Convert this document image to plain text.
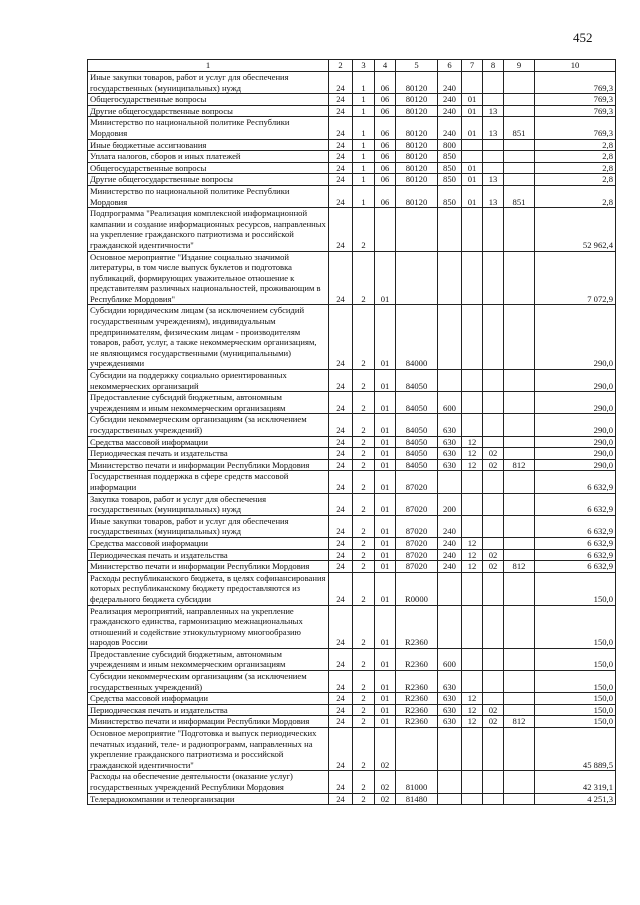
452
1	2	3	4	5	6	7	8	9	10
Иные закупки товаров, работ и услуг для обеспечения государственных (муниципальных) нужд	24	1	06	80120	240				769,3
Общегосударственные вопросы	24	1	06	80120	240	01			769,3
Другие общегосударственные вопросы	24	1	06	80120	240	01	13		769,3
Министерство по национальной политике Республики Мордовия	24	1	06	80120	240	01	13	851	769,3
Иные бюджетные ассигнования	24	1	06	80120	800				2,8
Уплата налогов, сборов и иных платежей	24	1	06	80120	850				2,8
Общегосударственные вопросы	24	1	06	80120	850	01			2,8
Другие общегосударственные вопросы	24	1	06	80120	850	01	13		2,8
Министерство по национальной политике Республики Мордовия	24	1	06	80120	850	01	13	851	2,8
Подпрограмма "Реализация комплексной информационной кампании и создание информационных ресурсов, направленных на укрепление гражданского патриотизма и российской гражданской идентичности"	24	2							52 962,4
Основное мероприятие "Издание социально значимой литературы, в том числе выпуск буклетов и подготовка публикаций, формирующих уважительное отношение к представителям различных национальностей, проживающим в Республике Мордовия"	24	2	01						7 072,9
Субсидии юридическим лицам (за исключением субсидий государственным учреждениям), индивидуальным предпринимателям, физическим лицам - производителям товаров, работ, услуг, а также некоммерческим организациям, не являющимся государственными (муниципальными) учреждениями	24	2	01	84000					290,0
Субсидии на поддержку социально ориентированных некоммерческих организаций	24	2	01	84050					290,0
Предоставление субсидий бюджетным, автономным учреждениям и иным некоммерческим организациям	24	2	01	84050	600				290,0
Субсидии некоммерческим организациям (за исключением государственных учреждений)	24	2	01	84050	630				290,0
Средства массовой информации	24	2	01	84050	630	12			290,0
Периодическая печать и издательства	24	2	01	84050	630	12	02		290,0
Министерство печати и информации Республики Мордовия	24	2	01	84050	630	12	02	812	290,0
Государственная поддержка в сфере средств массовой информации	24	2	01	87020					6 632,9
Закупка товаров, работ и услуг для обеспечения государственных (муниципальных) нужд	24	2	01	87020	200				6 632,9
Иные закупки товаров, работ и услуг для обеспечения государственных (муниципальных) нужд	24	2	01	87020	240				6 632,9
Средства массовой информации	24	2	01	87020	240	12			6 632,9
Периодическая печать и издательства	24	2	01	87020	240	12	02		6 632,9
Министерство печати и информации Республики Мордовия	24	2	01	87020	240	12	02	812	6 632,9
Расходы республиканского бюджета, в целях софинансирования которых республиканскому бюджету предоставляются из федерального бюджета субсидии	24	2	01	R0000					150,0
Реализация мероприятий, направленных на укрепление гражданского единства, гармонизацию межнациональных отношений и содействие этнокультурному многообразию народов России	24	2	01	R2360					150,0
Предоставление субсидий бюджетным, автономным учреждениям и иным некоммерческим организациям	24	2	01	R2360	600				150,0
Субсидии некоммерческим организациям (за исключением государственных учреждений)	24	2	01	R2360	630				150,0
Средства массовой информации	24	2	01	R2360	630	12			150,0
Периодическая печать и издательства	24	2	01	R2360	630	12	02		150,0
Министерство печати и информации Республики Мордовия	24	2	01	R2360	630	12	02	812	150,0
Основное мероприятие "Подготовка и выпуск периодических печатных изданий, теле- и радиопрограмм, направленных на укрепление гражданского патриотизма и российской гражданской идентичности"	24	2	02						45 889,5
Расходы на обеспечение деятельности (оказание услуг) государственных учреждений Республики Мордовия	24	2	02	81000					42 319,1
Телерадиокомпании и телеорганизации	24	2	02	81480					4 251,3
